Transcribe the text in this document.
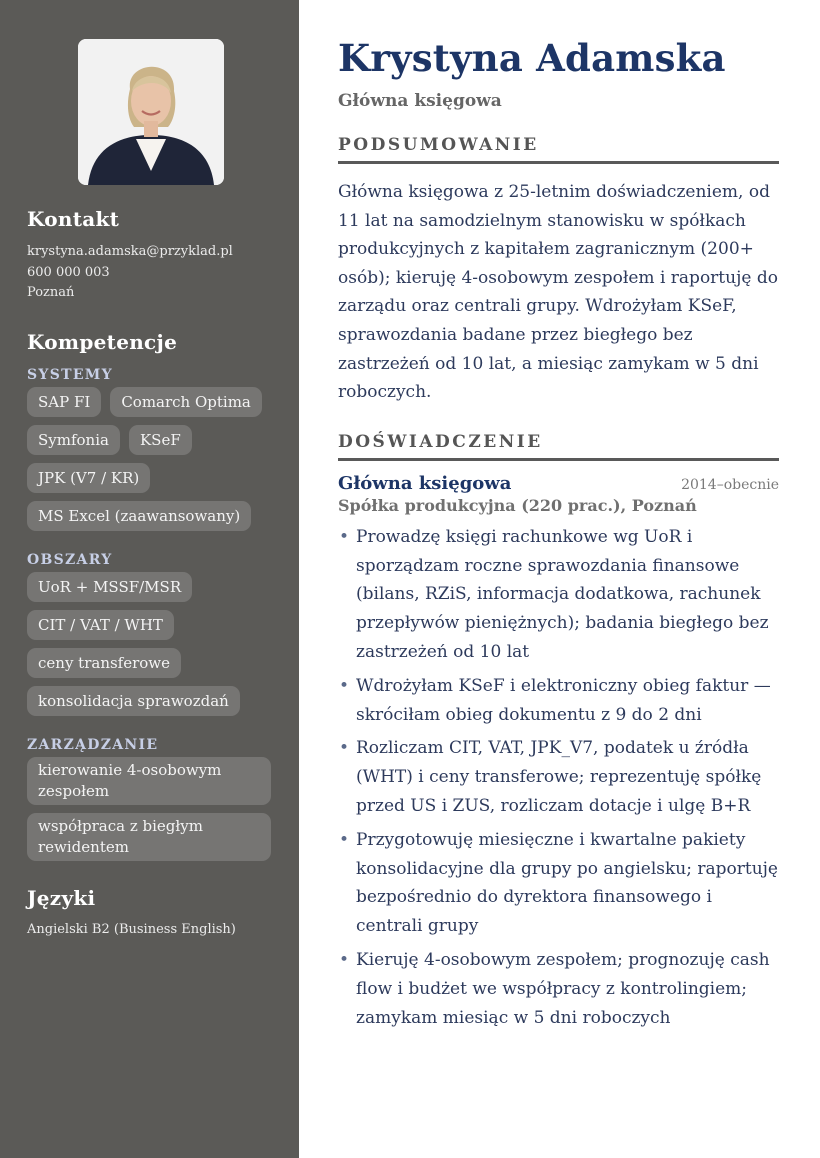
Kontakt
krystyna.adamska@przyklad.pl
600 000 003
Poznań
Kompetencje
SYSTEMY
SAP FI	Comarch Optima
Symfonia	KSeF
JPK (V7 / KR)
MS Excel (zaawansowany)
OBSZARY
UoR + MSSF/MSR
CIT / VAT / WHT
ceny transferowe
konsolidacja sprawozdań
ZARZĄDZANIE
kierowanie 4-osobowym zespołem
współpraca z biegłym rewidentem
Języki
Angielski B2 (Business English)
Krystyna Adamska
Główna księgowa
PODSUMOWANIE

Główna księgowa z 25-letnim doświadczeniem, od 11 lat na samodzielnym stanowisku w spółkach produkcyjnych z kapitałem zagranicznym (200+ osób); kieruję 4-osobowym zespołem i raportuję do zarządu oraz centrali grupy. Wdrożyłam KSeF, sprawozdania badane przez biegłego bez zastrzeżeń od 10 lat, a miesiąc zamykam w 5 dni roboczych.

DOŚWIADCZENIE
Główna księgowa	2014–obecnie
Spółka produkcyjna (220 prac.), Poznań
• Prowadzę księgi rachunkowe wg UoR i sporządzam roczne sprawozdania finansowe (bilans, RZiS, informacja dodatkowa, rachunek przepływów pieniężnych); badania biegłego bez zastrzeżeń od 10 lat
• Wdrożyłam KSeF i elektroniczny obieg faktur — skróciłam obieg dokumentu z 9 do 2 dni
• Rozliczam CIT, VAT, JPK_V7, podatek u źródła (WHT) i ceny transferowe; reprezentuję spółkę przed US i ZUS, rozliczam dotacje i ulgę B+R
• Przygotowuję miesięczne i kwartalne pakiety konsolidacyjne dla grupy po angielsku; raportuję bezpośrednio do dyrektora finansowego i centrali grupy
• Kieruję 4-osobowym zespołem; prognozuję cash flow i budżet we współpracy z kontrolingiem; zamykam miesiąc w 5 dni roboczych
